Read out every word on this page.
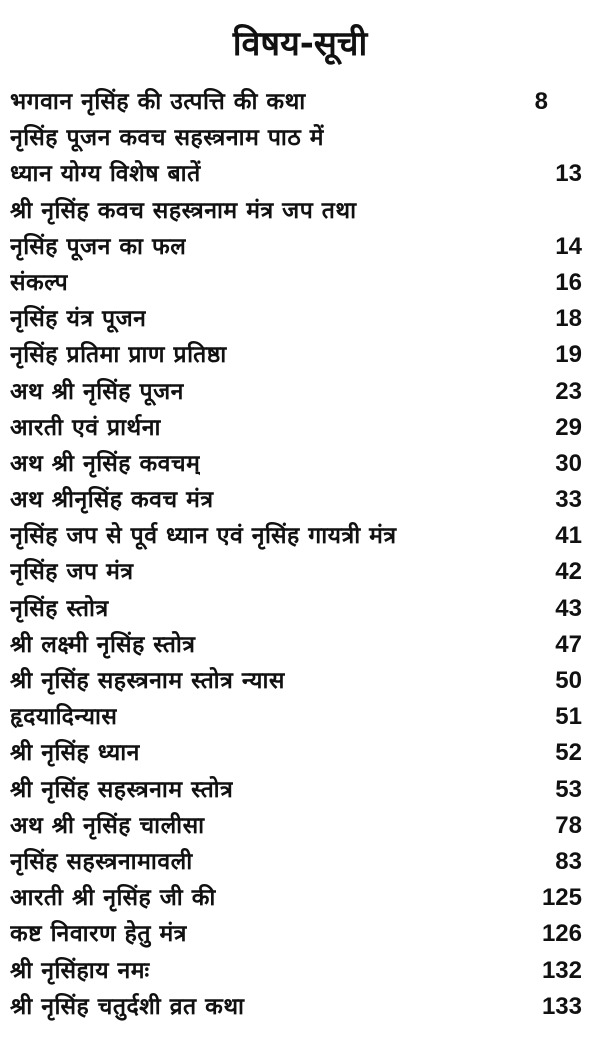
विषय-सूची
भगवान नृसिंह की उत्पत्ति की कथा	8
नृसिंह पूजन कवच सहस्त्रनाम पाठ में
ध्यान योग्य विशेष बातें	13
श्री नृसिंह कवच सहस्त्रनाम मंत्र जप तथा
नृसिंह पूजन का फल	14
संकल्प	16
नृसिंह यंत्र पूजन	18
नृसिंह प्रतिमा प्राण प्रतिष्ठा	19
अथ श्री नृसिंह पूजन	23
आरती एवं प्रार्थना	29
अथ श्री नृसिंह कवचम्	30
अथ श्रीनृसिंह कवच मंत्र	33
नृसिंह जप से पूर्व ध्यान एवं नृसिंह गायत्री मंत्र	41
नृसिंह जप मंत्र	42
नृसिंह स्तोत्र	43
श्री लक्ष्मी नृसिंह स्तोत्र	47
श्री नृसिंह सहस्त्रनाम स्तोत्र न्यास	50
हृदयादिन्यास	51
श्री नृसिंह ध्यान	52
श्री नृसिंह सहस्त्रनाम स्तोत्र	53
अथ श्री नृसिंह चालीसा	78
नृसिंह सहस्त्रनामावली	83
आरती श्री नृसिंह जी की	125
कष्ट निवारण हेतु मंत्र	126
श्री नृसिंहाय नमः	132
श्री नृसिंह चतुर्दशी व्रत कथा	133
